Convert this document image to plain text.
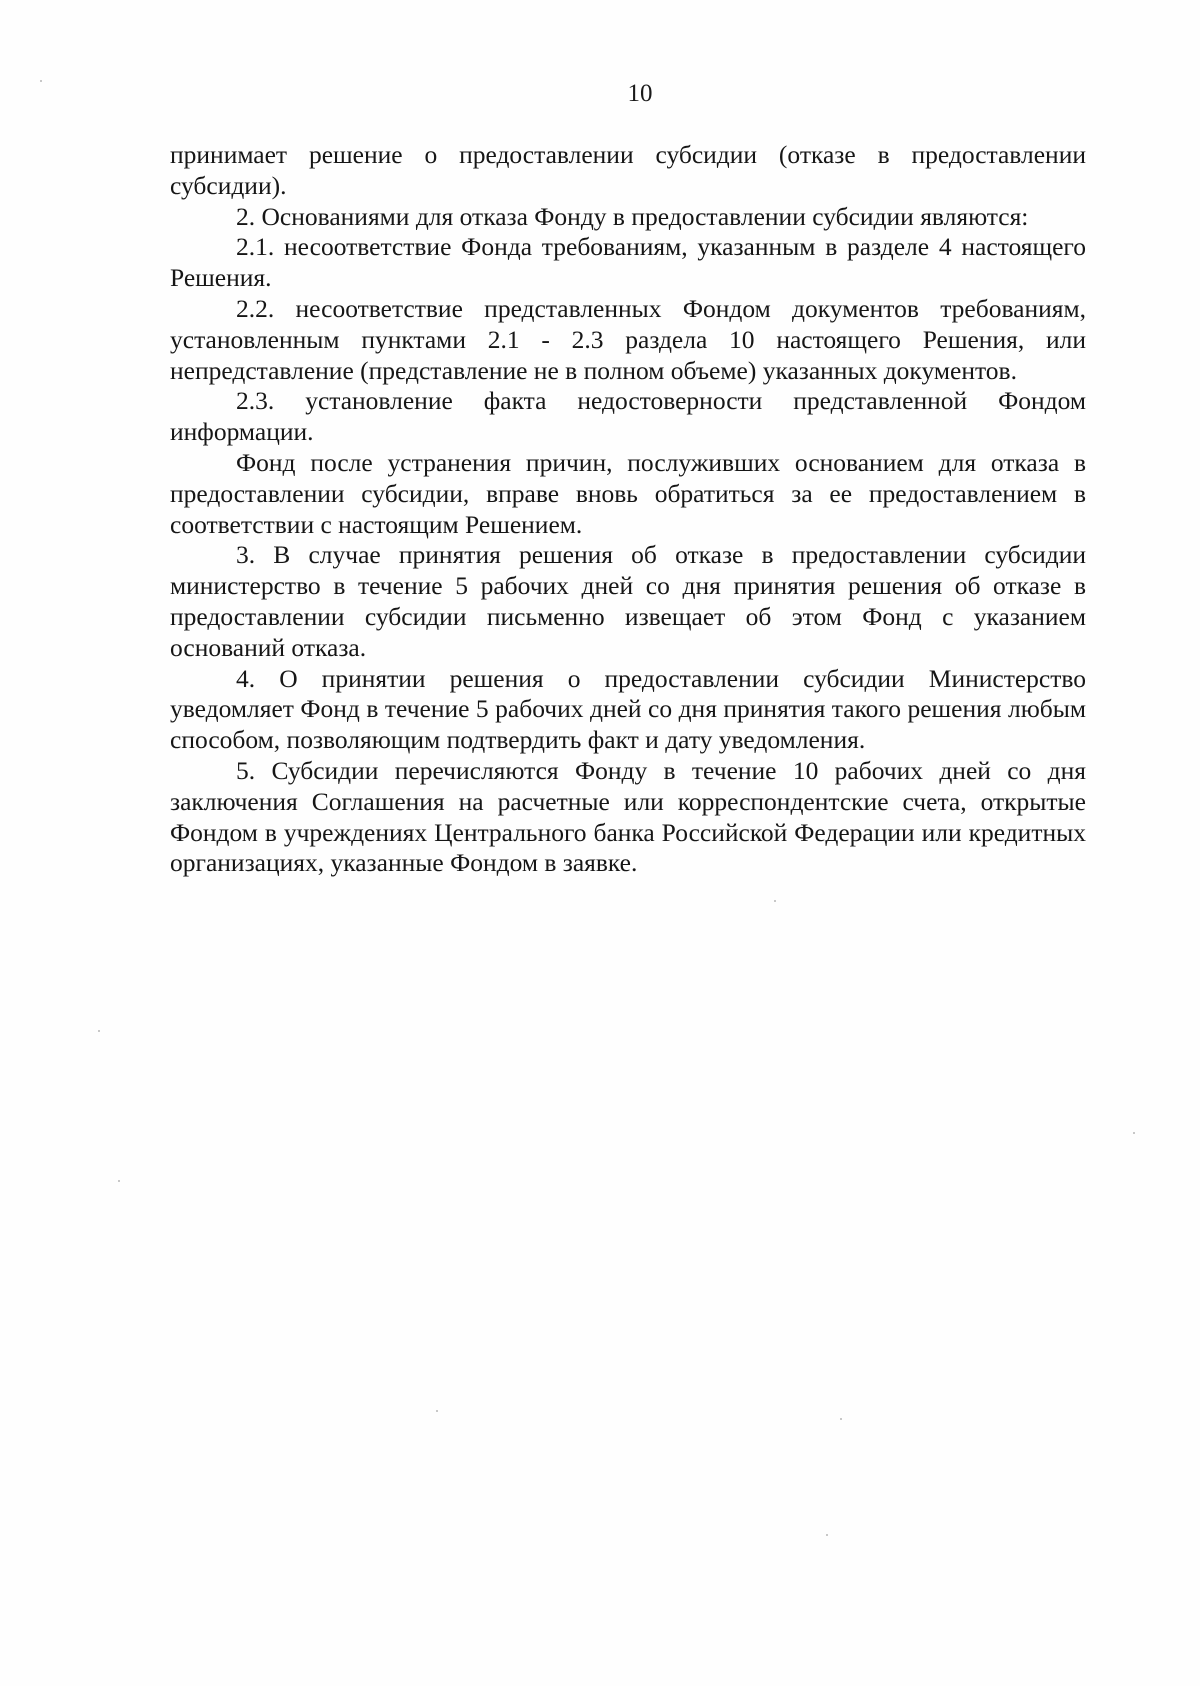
10

принимает решение о предоставлении субсидии (отказе в предоставлении субсидии).

2. Основаниями для отказа Фонду в предоставлении субсидии являются:

2.1. несоответствие Фонда требованиям, указанным в разделе 4 настоящего Решения.

2.2. несоответствие представленных Фондом документов требованиям, установленным пунктами 2.1 - 2.3 раздела 10 настоящего Решения, или непредставление (представление не в полном объеме) указанных документов.

2.3. установление факта недостоверности представленной Фондом информации.

Фонд после устранения причин, послуживших основанием для отказа в предоставлении субсидии, вправе вновь обратиться за ее предоставлением в соответствии с настоящим Решением.

3. В случае принятия решения об отказе в предоставлении субсидии министерство в течение 5 рабочих дней со дня принятия решения об отказе в предоставлении субсидии письменно извещает об этом Фонд с указанием оснований отказа.

4. О принятии решения о предоставлении субсидии Министерство уведомляет Фонд в течение 5 рабочих дней со дня принятия такого решения любым способом, позволяющим подтвердить факт и дату уведомления.

5. Субсидии перечисляются Фонду в течение 10 рабочих дней со дня заключения Соглашения на расчетные или корреспондентские счета, открытые Фондом в учреждениях Центрального банка Российской Федерации или кредитных организациях, указанные Фондом в заявке.
